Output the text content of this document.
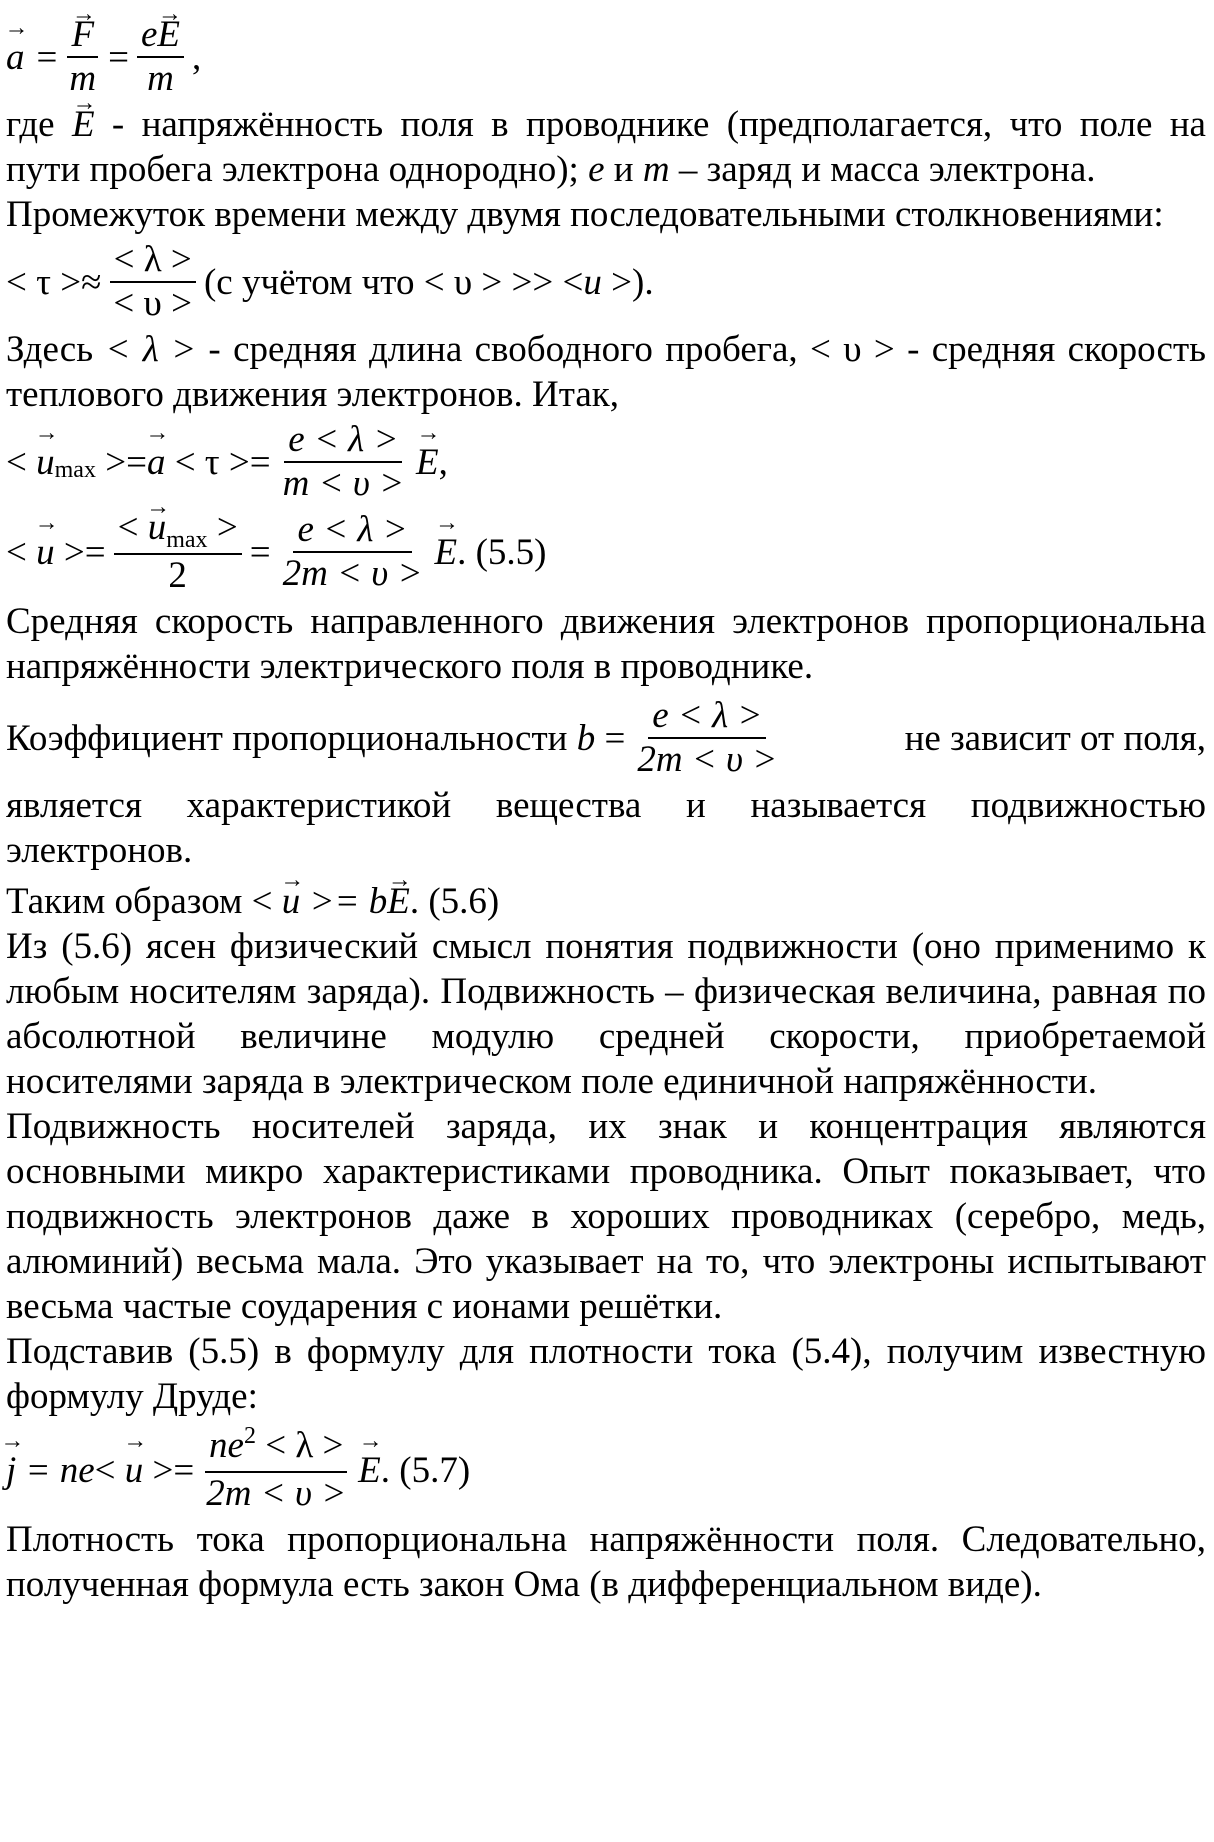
→ a =
→ $\frac{F}{m} = \frac{e\to E}{m}$ ,

где → E - напряжённость поля в проводнике (предполагается, что поле на пути пробега электрона однородно); e и m – заряд и масса электрона.

Промежуток времени между двумя последовательными столкновениями:

< $\tau >\approx \frac{< \lambda >}{< \upsilon >} (с$ учётом что
< υ > >> < u >).

Здесь < λ > - средняя длина свободного пробега, < υ > - средняя скорость теплового движения электронов. Итак,

<

→ u max >=
→ $a < \tau >= \frac{e < \lambda >}{m < \upsilon >}$
→ E ,
<

→ $u >= \frac{< \to u_{max} >}{2} = \frac{e < \lambda >}{2m < \upsilon >}$
→ E . (5.5)

Средняя скорость направленного движения электронов пропорциональна напряжённости электрического поля в проводнике.

Коэффициент пропорциональности
$b = \frac{e < \lambda >}{2m < \upsilon >}$	не зависит от поля,

является характеристикой вещества и называется подвижностью электронов.

Таким образом < → u >= b→ E. (5.6)

Из (5.6) ясен физический смысл понятия подвижности (оно применимо к любым носителям заряда). Подвижность – физическая величина, равная по абсолютной величине модулю средней скорости, приобретаемой носителями заряда в электрическом поле единичной напряжённости.

Подвижность носителей заряда, их знак и концентрация являются основными микро характеристиками проводника. Опыт показывает, что подвижность электронов даже в хороших проводниках (серебро, медь, алюминий) весьма мала. Это указывает на то, что электроны испытывают весьма частые соударения с ионами решётки.

Подставив (5.5) в формулу для плотности тока (5.4), получим известную формулу Друде:

→ j = ne <

→ $u >= \frac{ne^2 < \lambda >}{2m < \upsilon >}$
→ E . (5.7)

Плотность тока пропорциональна напряжённости поля. Следовательно, полученная формула есть закон Ома (в дифференциальном виде).
